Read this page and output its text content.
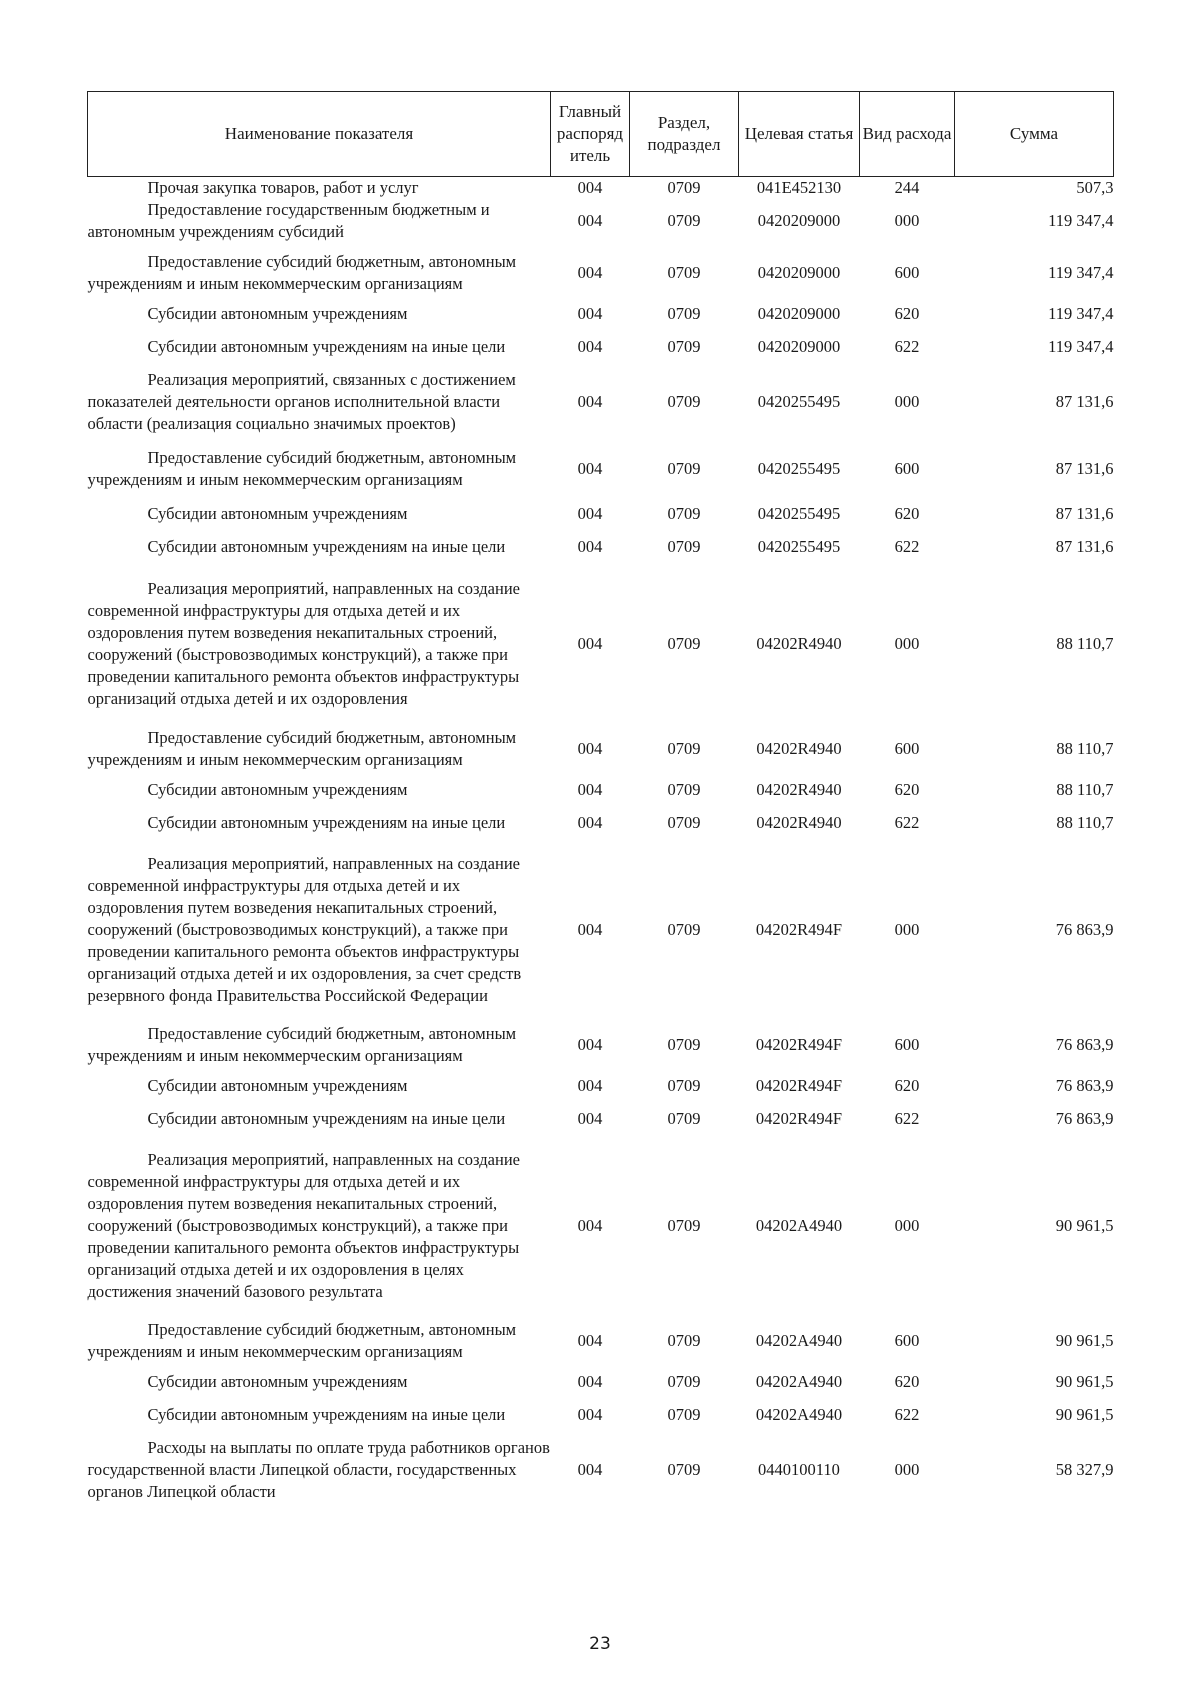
Наименование показателя	Главный распоряд итель	Раздел, подраздел	Целевая статья	Вид расхода	Сумма

Прочая закупка товаров, работ и услуг	004	0709	041E452130	244	507,3

Предоставление государственным бюджетным и автономным учреждениям субсидий	004	0709	0420209000	000	119 347,4

Предоставление субсидий бюджетным, автономным учреждениям и иным некоммерческим организациям	004	0709	0420209000	600	119 347,4

Субсидии автономным учреждениям	004	0709	0420209000	620	119 347,4

Субсидии автономным учреждениям на иные цели	004	0709	0420209000	622	119 347,4

Реализация мероприятий, связанных с достижением показателей деятельности органов исполнительной власти области (реализация социально значимых проектов)	004	0709	0420255495	000	87 131,6

Предоставление субсидий бюджетным, автономным учреждениям и иным некоммерческим организациям	004	0709	0420255495	600	87 131,6

Субсидии автономным учреждениям	004	0709	0420255495	620	87 131,6

Субсидии автономным учреждениям на иные цели	004	0709	0420255495	622	87 131,6

Реализация мероприятий, направленных на создание современной инфраструктуры для отдыха детей и их оздоровления путем возведения некапитальных строений, сооружений (быстровозводимых конструкций), а также при проведении капитального ремонта объектов инфраструктуры организаций отдыха детей и их оздоровления	004	0709	04202R4940	000	88 110,7

Предоставление субсидий бюджетным, автономным учреждениям и иным некоммерческим организациям	004	0709	04202R4940	600	88 110,7

Субсидии автономным учреждениям	004	0709	04202R4940	620	88 110,7

Субсидии автономным учреждениям на иные цели	004	0709	04202R4940	622	88 110,7

Реализация мероприятий, направленных на создание современной инфраструктуры для отдыха детей и их оздоровления путем возведения некапитальных строений, сооружений (быстровозводимых конструкций), а также при проведении капитального ремонта объектов инфраструктуры организаций отдыха детей и их оздоровления, за счет средств резервного фонда Правительства Российской Федерации	004	0709	04202R494F	000	76 863,9

Предоставление субсидий бюджетным, автономным учреждениям и иным некоммерческим организациям	004	0709	04202R494F	600	76 863,9

Субсидии автономным учреждениям	004	0709	04202R494F	620	76 863,9

Субсидии автономным учреждениям на иные цели	004	0709	04202R494F	622	76 863,9

Реализация мероприятий, направленных на создание современной инфраструктуры для отдыха детей и их оздоровления путем возведения некапитальных строений, сооружений (быстровозводимых конструкций), а также при проведении капитального ремонта объектов инфраструктуры организаций отдыха детей и их оздоровления в целях достижения значений базового результата	004	0709	04202A4940	000	90 961,5

Предоставление субсидий бюджетным, автономным учреждениям и иным некоммерческим организациям	004	0709	04202A4940	600	90 961,5

Субсидии автономным учреждениям	004	0709	04202A4940	620	90 961,5

Субсидии автономным учреждениям на иные цели	004	0709	04202A4940	622	90 961,5

Расходы на выплаты по оплате труда работников органов государственной власти Липецкой области, государственных органов Липецкой области	004	0709	0440100110	000	58 327,9
23
